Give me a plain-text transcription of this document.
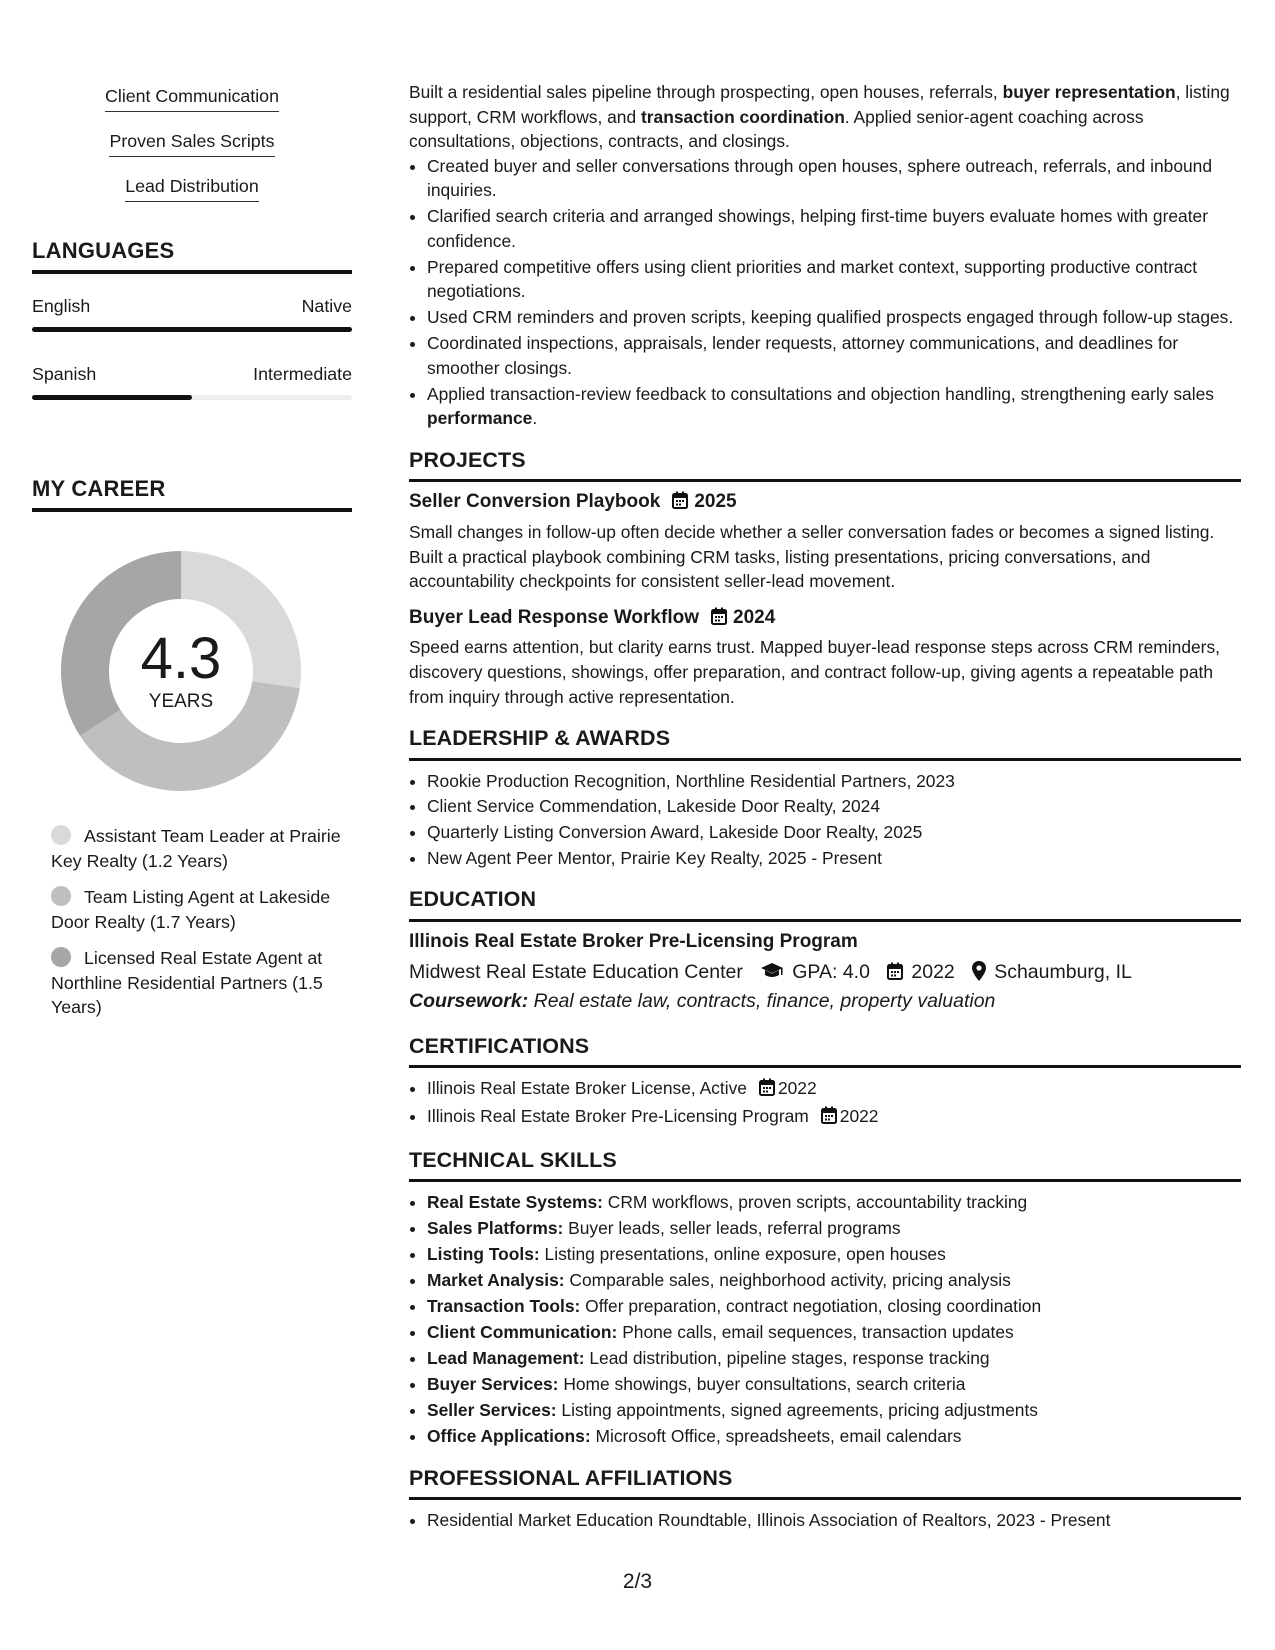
Client Communication
Proven Sales Scripts
Lead Distribution
LANGUAGES
English	Native
Spanish	Intermediate
MY CAREER
4.3
YEARS
Assistant Team Leader at Prairie Key Realty (1.2 Years)
Team Listing Agent at Lakeside Door Realty (1.7 Years)
Licensed Real Estate Agent at Northline Residential Partners (1.5 Years)

Built a residential sales pipeline through prospecting, open houses, referrals, buyer representation, listing support, CRM workflows, and transaction coordination. Applied senior-agent coaching across consultations, objections, contracts, and closings.

• Created buyer and seller conversations through open houses, sphere outreach, referrals, and inbound inquiries.
• Clarified search criteria and arranged showings, helping first-time buyers evaluate homes with greater confidence.
• Prepared competitive offers using client priorities and market context, supporting productive contract negotiations.
• Used CRM reminders and proven scripts, keeping qualified prospects engaged through follow-up stages.
• Coordinated inspections, appraisals, lender requests, attorney communications, and deadlines for smoother closings.
• Applied transaction-review feedback to consultations and objection handling, strengthening early sales performance.
PROJECTS
Seller Conversion Playbook 2025

Small changes in follow-up often decide whether a seller conversation fades or becomes a signed listing. Built a practical playbook combining CRM tasks, listing presentations, pricing conversations, and accountability checkpoints for consistent seller-lead movement.

Buyer Lead Response Workflow 2024

Speed earns attention, but clarity earns trust. Mapped buyer-lead response steps across CRM reminders, discovery questions, showings, offer preparation, and contract follow-up, giving agents a repeatable path from inquiry through active representation.

LEADERSHIP & AWARDS
• Rookie Production Recognition, Northline Residential Partners, 2023
• Client Service Commendation, Lakeside Door Realty, 2024
• Quarterly Listing Conversion Award, Lakeside Door Realty, 2025
• New Agent Peer Mentor, Prairie Key Realty, 2025 - Present
EDUCATION
Illinois Real Estate Broker Pre-Licensing Program
Midwest Real Estate Education Center	GPA: 4.0 2022 Schaumburg, IL
Coursework: Real estate law, contracts, finance, property valuation
CERTIFICATIONS
• Illinois Real Estate Broker License, Active 2022
• Illinois Real Estate Broker Pre-Licensing Program 2022
TECHNICAL SKILLS
• Real Estate Systems: CRM workflows, proven scripts, accountability tracking
• Sales Platforms: Buyer leads, seller leads, referral programs
• Listing Tools: Listing presentations, online exposure, open houses
• Market Analysis: Comparable sales, neighborhood activity, pricing analysis
• Transaction Tools: Offer preparation, contract negotiation, closing coordination
• Client Communication: Phone calls, email sequences, transaction updates
• Lead Management: Lead distribution, pipeline stages, response tracking
• Buyer Services: Home showings, buyer consultations, search criteria
• Seller Services: Listing appointments, signed agreements, pricing adjustments
• Office Applications: Microsoft Office, spreadsheets, email calendars
PROFESSIONAL AFFILIATIONS
• Residential Market Education Roundtable, Illinois Association of Realtors, 2023 - Present
2/3
